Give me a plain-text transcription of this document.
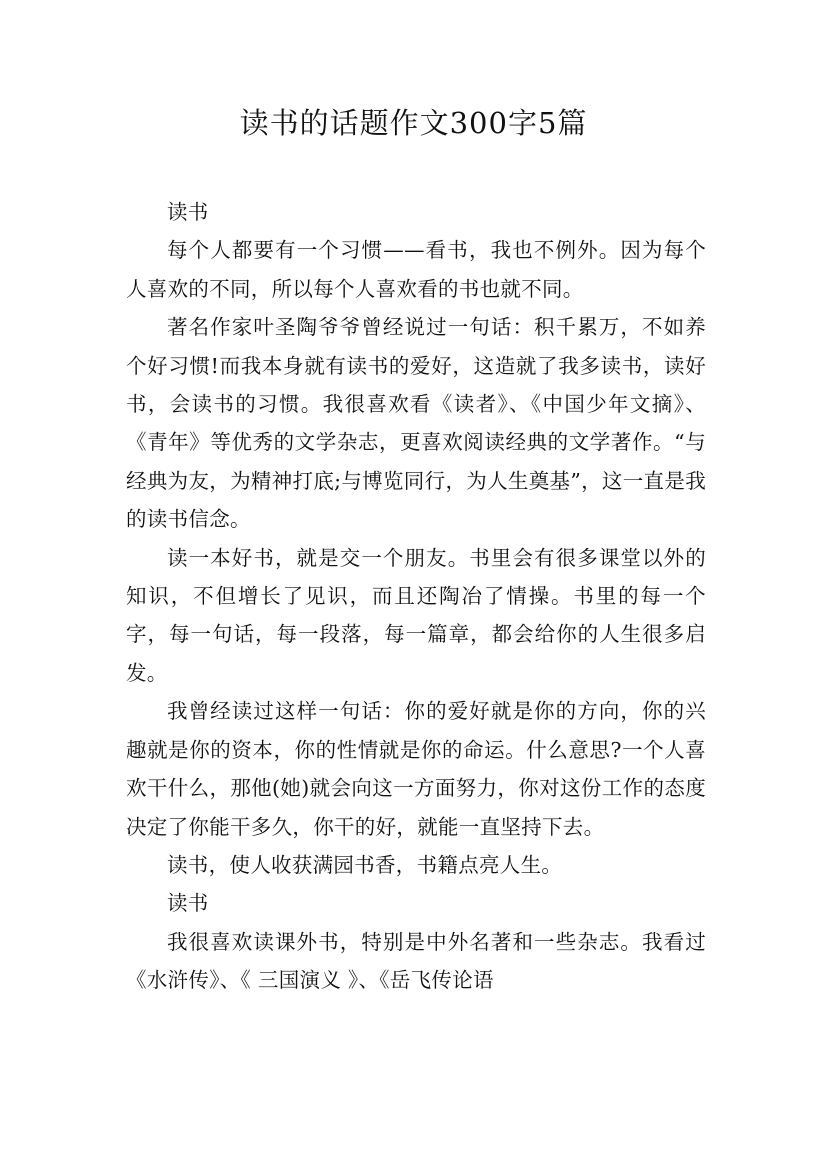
读书的话题作文300字5篇

读书

每个人都要有一个习惯——看书，我也不例外。因为每个人喜欢的不同，所以每个人喜欢看的书也就不同。

著名作家叶圣陶爷爷曾经说过一句话：积千累万，不如养个好习惯!而我本身就有读书的爱好，这造就了我多读书，读好书，会读书的习惯。我很喜欢看《读者》、《中国少年文摘》、《青年》等优秀的文学杂志，更喜欢阅读经典的文学著作。“与经典为友，为精神打底;与博览同行，为人生奠基”，这一直是我的读书信念。

读一本好书，就是交一个朋友。书里会有很多课堂以外的知识，不但增长了见识，而且还陶冶了情操。书里的每一个字，每一句话，每一段落，每一篇章，都会给你的人生很多启发。

我曾经读过这样一句话：你的爱好就是你的方向，你的兴趣就是你的资本，你的性情就是你的命运。什么意思?一个人喜欢干什么，那他(她)就会向这一方面努力，你对这份工作的态度决定了你能干多久，你干的好，就能一直坚持下去。

读书，使人收获满园书香，书籍点亮人生。

读书

我很喜欢读课外书，特别是中外名著和一些杂志。我看过《水浒传》、《 三国演义 》、《岳飞传论语
